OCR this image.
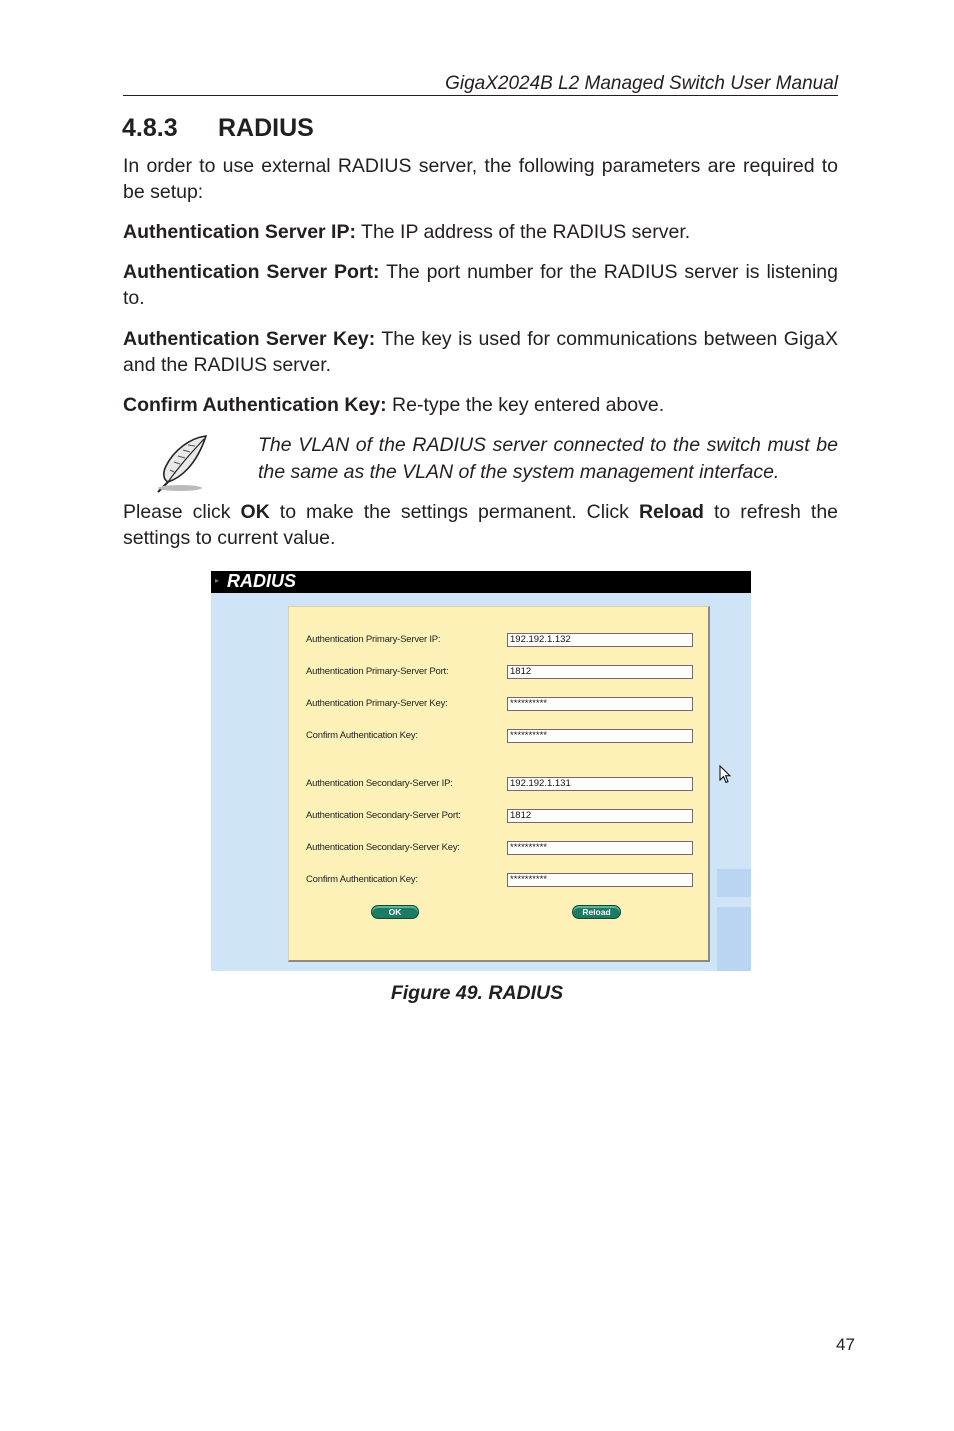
GigaX2024B L2 Managed Switch User Manual
4.8.3 RADIUS

In order to use external RADIUS server, the following parameters are required to be setup:

Authentication Server IP: The IP address of the RADIUS server.

Authentication Server Port: The port number for the RADIUS server is listening to.

Authentication Server Key: The key is used for communications between GigaX and the RADIUS server.

Confirm Authentication Key: Re-type the key entered above.

The VLAN of the RADIUS server connected to the switch must be the same as the VLAN of the system management interface.

Please click OK to make the settings permanent. Click Reload to refresh the settings to current value.

▸ RADIUS
Authentication Primary-Server IP:	192.192.1.132
Authentication Primary-Server Port:	1812
Authentication Primary-Server Key:	**********
Confirm Authentication Key:	**********
Authentication Secondary-Server IP:	192.192.1.131
Authentication Secondary-Server Port:	1812
Authentication Secondary-Server Key:	**********
Confirm Authentication Key:	**********
OK	Reload
Figure 49. RADIUS
47
